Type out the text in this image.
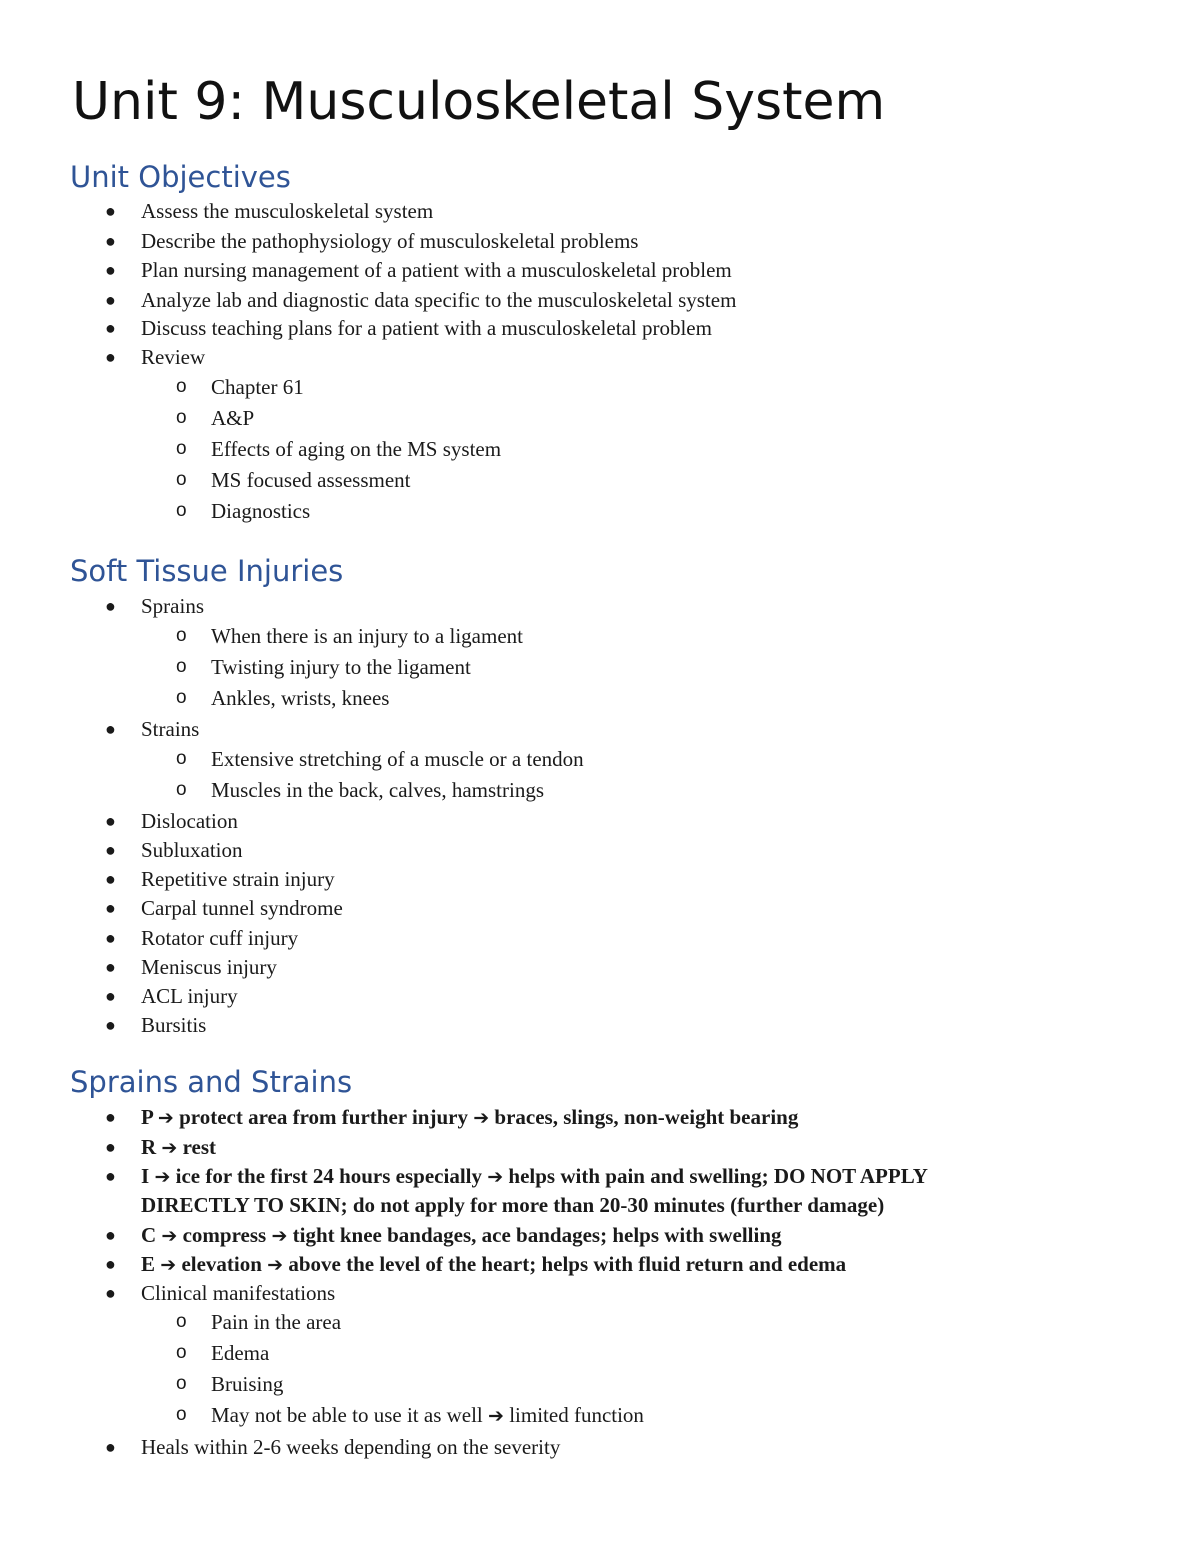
Unit 9: Musculoskeletal System
Unit Objectives
● Assess the musculoskeletal system
● Describe the pathophysiology of musculoskeletal problems
● Plan nursing management of a patient with a musculoskeletal problem
● Analyze lab and diagnostic data specific to the musculoskeletal system
● Discuss teaching plans for a patient with a musculoskeletal problem
● Review
o Chapter 61
o A&P
o Effects of aging on the MS system
o MS focused assessment
o Diagnostics
Soft Tissue Injuries
● Sprains
o When there is an injury to a ligament
o Twisting injury to the ligament
o Ankles, wrists, knees
● Strains
o Extensive stretching of a muscle or a tendon
o Muscles in the back, calves, hamstrings
● Dislocation
● Subluxation
● Repetitive strain injury
● Carpal tunnel syndrome
● Rotator cuff injury
● Meniscus injury
● ACL injury
● Bursitis
Sprains and Strains
● P ➔ protect area from further injury ➔ braces, slings, non-weight bearing
● R ➔ rest
● I ➔ ice for the first 24 hours especially ➔ helps with pain and swelling; DO NOT APPLY
DIRECTLY TO SKIN; do not apply for more than 20-30 minutes (further damage)
● C ➔ compress ➔ tight knee bandages, ace bandages; helps with swelling
● E ➔ elevation ➔ above the level of the heart; helps with fluid return and edema
● Clinical manifestations
o Pain in the area
o Edema
o Bruising
o May not be able to use it as well ➔ limited function
● Heals within 2-6 weeks depending on the severity
